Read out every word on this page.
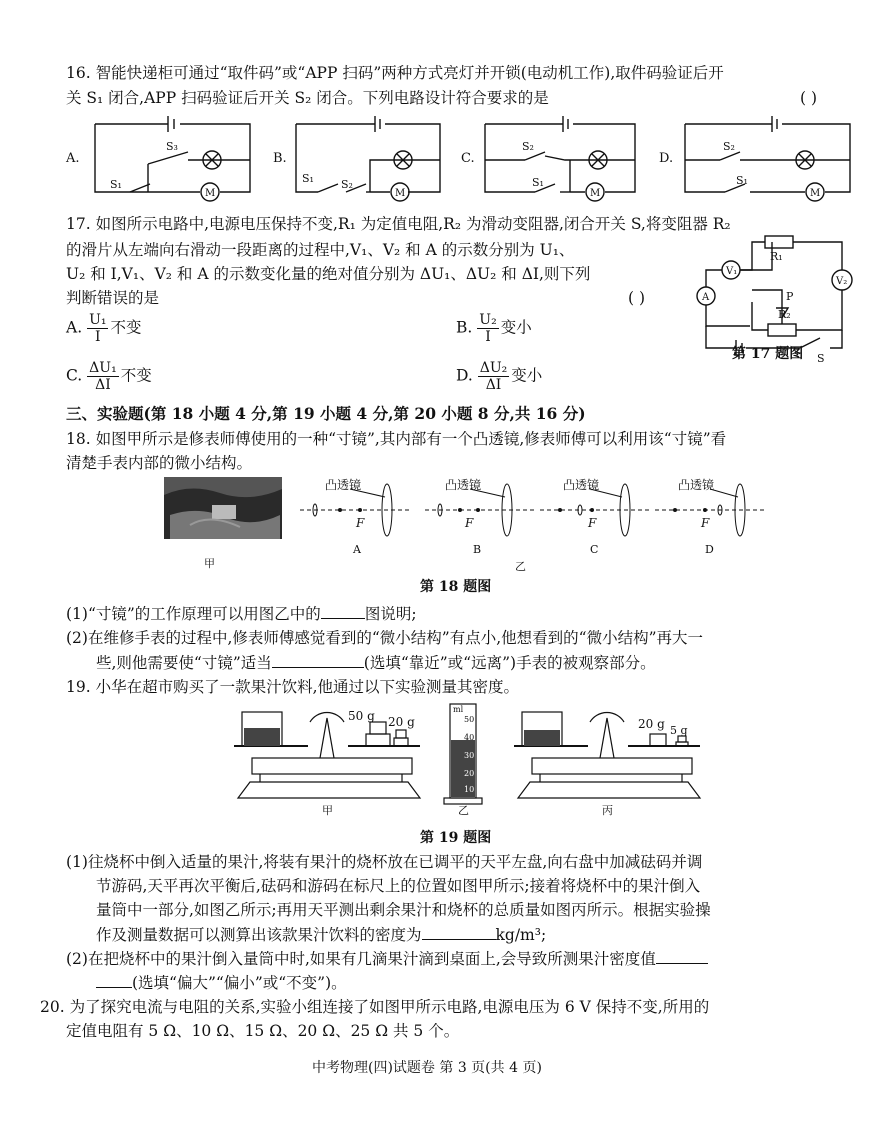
16. 智能快递柜可通过“取件码”或“APP 扫码”两种方式亮灯并开锁(电动机工作),取件码验证后开
关 S₁ 闭合,APP 扫码验证后开关 S₂ 闭合。下列电路设计符合要求的是	( )
A.	B.	C.	D.
S₁
S₃
M
S₁ S₂
M
S₂
S₁
M
S₂
S₁
M
17. 如图所示电路中,电源电压保持不变,R₁ 为定值电阻,R₂ 为滑动变阻器,闭合开关 S,将变阻器 R₂
的滑片从左端向右滑动一段距离的过程中,V₁、V₂ 和 A 的示数分别为 U₁、
U₂ 和 I,V₁、V₂ 和 A 的示数变化量的绝对值分别为 ΔU₁、ΔU₂ 和 ΔI,则下列
判断错误的是	( )
A. $\frac{\text{U₁}}{I}$ 不变	B. $\frac{\text{U₂}}{I}$ 变小
C. $\frac{\text{ΔU₁}}{\Delta I}$ 不变	D. $\frac{\text{ΔU₂}}{\Delta I}$ 变小
V₁
V₂
A
R₁
P
R₂
S
第 17 题图
三、实验题(第 18 小题 4 分,第 19 小题 4 分,第 20 小题 8 分,共 16 分)
18. 如图甲所示是修表师傅使用的一种“寸镜”,其内部有一个凸透镜,修表师傅可以利用该“寸镜”看
清楚手表内部的微小结构。
凸透镜	凸透镜	凸透镜	凸透镜
F	F	F	F
A	B	C	D
甲	乙
第 18 题图
(1)“寸镜”的工作原理可以用图乙中的	图说明;
(2)在维修手表的过程中,修表师傅感觉看到的“微小结构”有点小,他想看到的“微小结构”再大一
些,则他需要使“寸镜”适当	(选填“靠近”或“远离”)手表的被观察部分。
19. 小华在超市购买了一款果汁饮料,他通过以下实验测量其密度。
50 g 20 g	20 g 5 g
ml
50
40
30
20
10
甲	乙	丙
第 19 题图
(1)往烧杯中倒入适量的果汁,将装有果汁的烧杯放在已调平的天平左盘,向右盘中加减砝码并调
节游码,天平再次平衡后,砝码和游码在标尺上的位置如图甲所示;接着将烧杯中的果汁倒入
量筒中一部分,如图乙所示;再用天平测出剩余果汁和烧杯的总质量如图丙所示。根据实验操
作及测量数据可以测算出该款果汁饮料的密度为	kg/m³;
(2)在把烧杯中的果汁倒入量筒中时,如果有几滴果汁滴到桌面上,会导致所测果汁密度值
(选填“偏大”“偏小”或“不变”)。
20. 为了探究电流与电阻的关系,实验小组连接了如图甲所示电路,电源电压为 6 V 保持不变,所用的
定值电阻有 5 Ω、10 Ω、15 Ω、20 Ω、25 Ω 共 5 个。
中考物理(四)试题卷 第 3 页(共 4 页)
